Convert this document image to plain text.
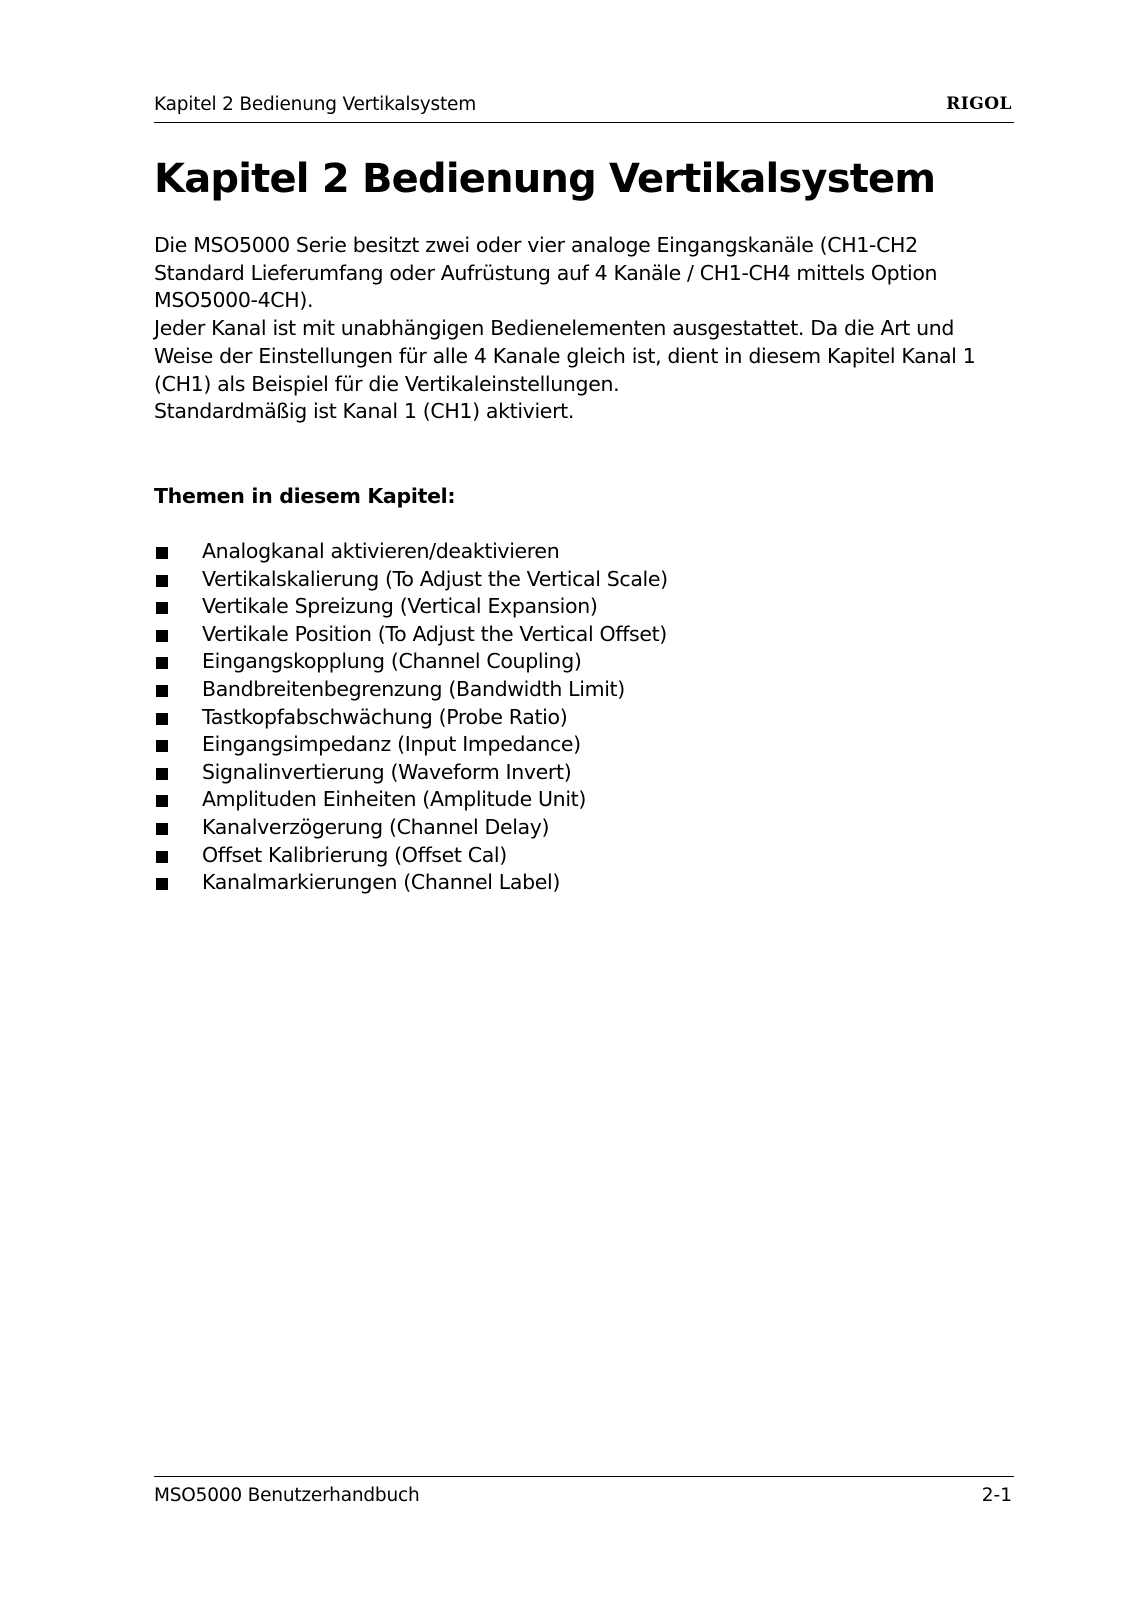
Kapitel 2 Bedienung Vertikalsystem	RIGOL
Kapitel 2 Bedienung Vertikalsystem

Die MSO5000 Serie besitzt zwei oder vier analoge Eingangskanäle (CH1-CH2

Standard Lieferumfang oder Aufrüstung auf 4 Kanäle / CH1-CH4 mittels Option

MSO5000-4CH).

Jeder Kanal ist mit unabhängigen Bedienelementen ausgestattet. Da die Art und

Weise der Einstellungen für alle 4 Kanale gleich ist, dient in diesem Kapitel Kanal 1

(CH1) als Beispiel für die Vertikaleinstellungen.

Standardmäßig ist Kanal 1 (CH1) aktiviert.

Themen in diesem Kapitel:
Analogkanal aktivieren/deaktivieren
Vertikalskalierung (To Adjust the Vertical Scale)
Vertikale Spreizung (Vertical Expansion)
Vertikale Position (To Adjust the Vertical Offset)
Eingangskopplung (Channel Coupling)
Bandbreitenbegrenzung (Bandwidth Limit)
Tastkopfabschwächung (Probe Ratio)
Eingangsimpedanz (Input Impedance)
Signalinvertierung (Waveform Invert)
Amplituden Einheiten (Amplitude Unit)
Kanalverzögerung (Channel Delay)
Offset Kalibrierung (Offset Cal)
Kanalmarkierungen (Channel Label)
MSO5000 Benutzerhandbuch	2-1
